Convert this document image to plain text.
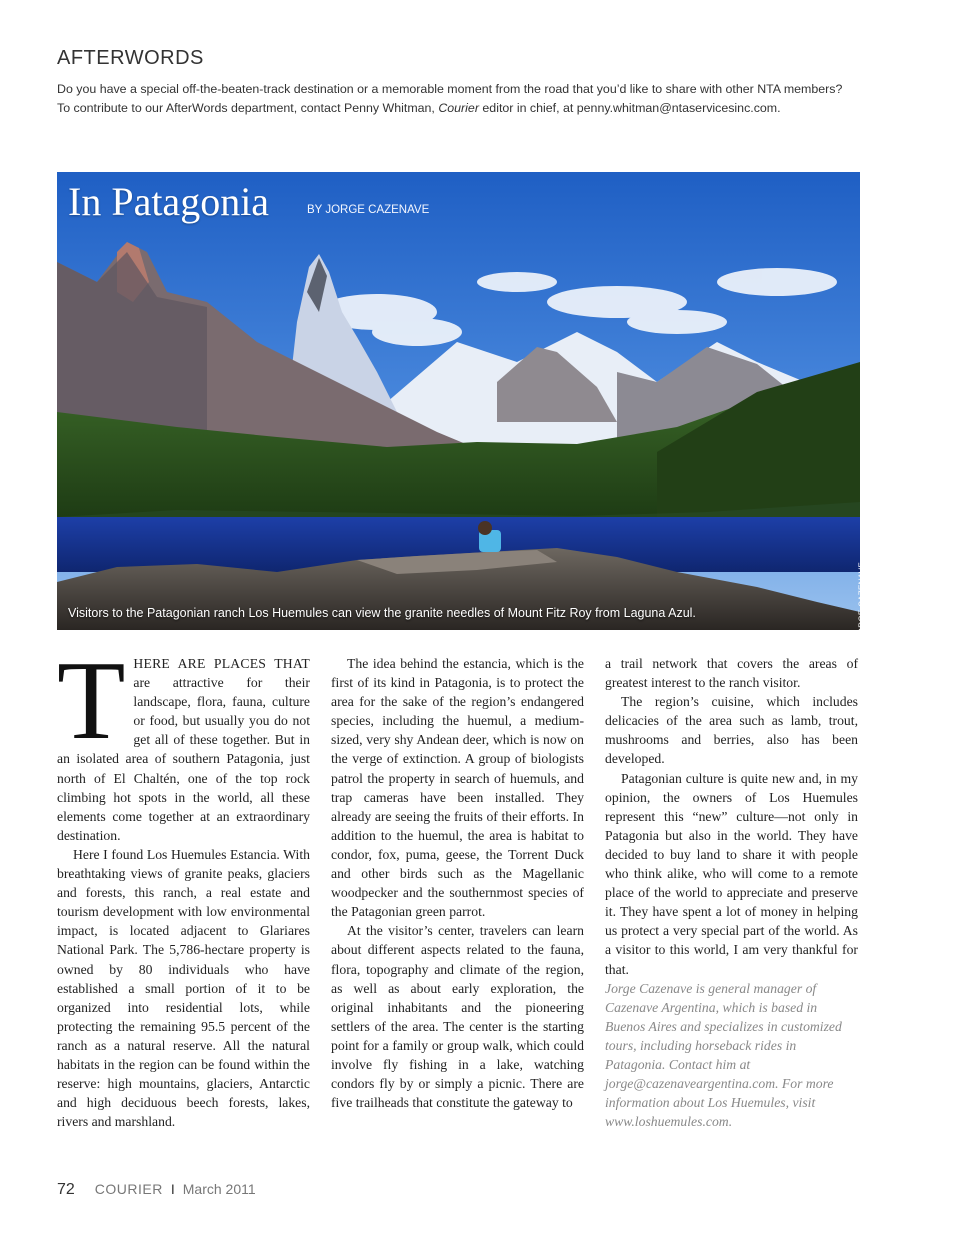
AFTERWORDS

Do you have a special off-the-beaten-track destination or a memorable moment from the road that you’d like to share with other NTA members?

To contribute to our AfterWords department, contact Penny Whitman, Courier editor in chief, at penny.whitman@ntaservicesinc.com.

In Patagonia	BY JORGE CAZENAVE
Visitors to the Patagonian ranch Los Huemules can view the granite needles of Mount Fitz Roy from Laguna Azul.	JORGE CAZENAVE

THERE ARE PLACES THAT are attractive for their landscape, flora, fauna, culture or food, but usually you do not get all of these together. But in an isolated area of southern Patagonia, just north of El Chaltén, one of the top rock climbing hot spots in the world, all these elements come together at an extraordinary destination.

Here I found Los Huemules Estancia. With breathtaking views of granite peaks, glaciers and forests, this ranch, a real estate and tourism development with low environmental impact, is located adjacent to Glariares National Park. The 5,786-hectare property is owned by 80 individuals who have established a small portion of it to be organized into residential lots, while protecting the remaining 95.5 percent of the ranch as a natural reserve. All the natural habitats in the region can be found within the reserve: high mountains, glaciers, Antarctic and high deciduous beech forests, lakes, rivers and marshland.

The idea behind the estancia, which is the first of its kind in Patagonia, is to protect the area for the sake of the region’s endangered species, including the huemul, a medium-sized, very shy Andean deer, which is now on the verge of extinction. A group of biologists patrol the property in search of huemuls, and trap cameras have been installed. They already are seeing the fruits of their efforts. In addition to the huemul, the area is habitat to condor, fox, puma, geese, the Torrent Duck and other birds such as the Magellanic woodpecker and the southernmost species of the Patagonian green parrot.

At the visitor’s center, travelers can learn about different aspects related to the fauna, flora, topography and climate of the region, as well as about early exploration, the original inhabitants and the pioneering settlers of the area. The center is the starting point for a family or group walk, which could involve fly fishing in a lake, watching condors fly by or simply a picnic. There are five trailheads that constitute the gateway to

a trail network that covers the areas of greatest interest to the ranch visitor.

The region’s cuisine, which includes delicacies of the area such as lamb, trout, mushrooms and berries, also has been developed.

Patagonian culture is quite new and, in my opinion, the owners of Los Huemules represent this “new” culture—not only in Patagonia but also in the world. They have decided to buy land to share it with people who think alike, who will come to a remote place of the world to appreciate and preserve it. They have spent a lot of money in helping us protect a very special part of the world. As a visitor to this world, I am very thankful for that.

Jorge Cazenave is general manager of Cazenave Argentina, which is based in Buenos Aires and specializes in customized tours, including horseback rides in Patagonia. Contact him at jorge@cazenaveargentina.com. For more information about Los Huemules, visit www.loshuemules.com.

72 COURIER I March 2011
